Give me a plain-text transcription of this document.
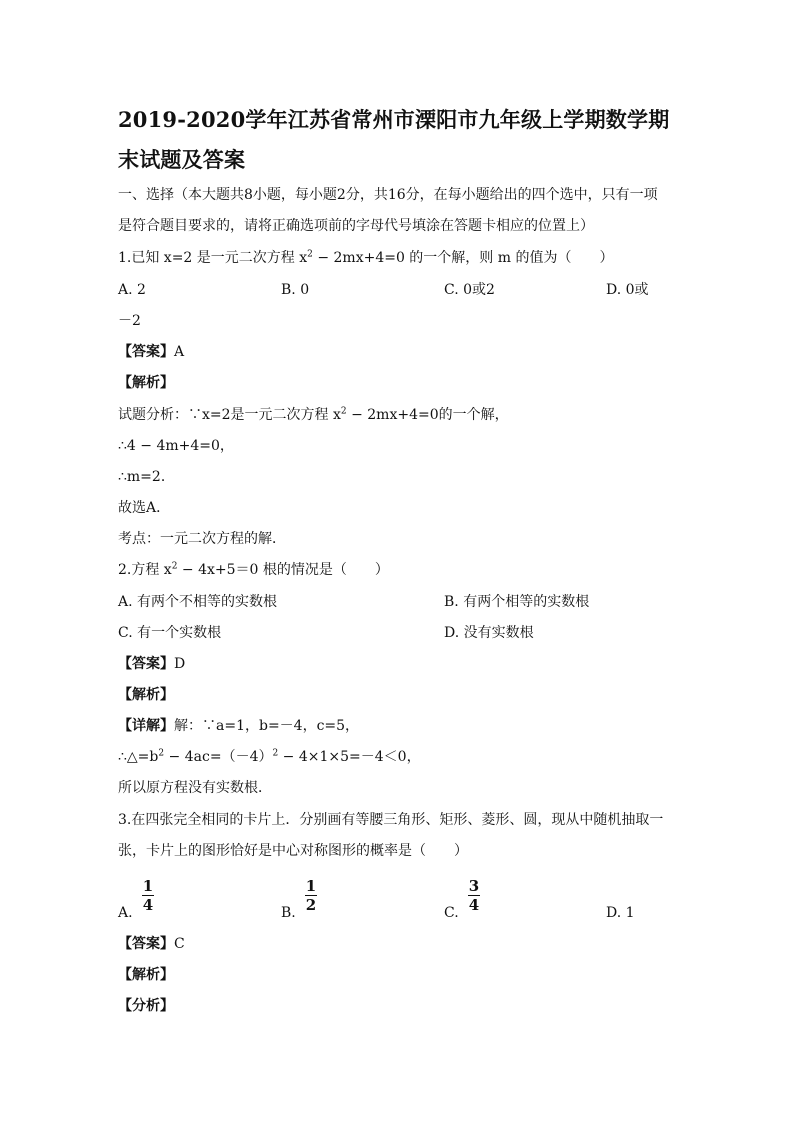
2019-2020学年江苏省常州市溧阳市九年级上学期数学期末试题及答案
一、选择（本大题共8小题，每小题2分，共16分，在每小题给出的四个选中，只有一项
是符合题目要求的，请将正确选项前的字母代号填涂在答题卡相应的位置上）
1.已知 x=2 是一元二次方程 $x^2 - 2mx+4=0$ 的一个解，则 m 的值为（　　）
A. 2	B. 0	C. 0或2	D. 0或
－2
【答案】A
【解析】
试题分析：∵x=2是一元二次方程 $x^2 - 2mx+4=0$的一个解，
∴4 − 4m+4=0，
∴m=2．
故选A．
考点：一元二次方程的解．
2.方程 $x^2 - 4x+5=0$ 根的情况是（　　）
A. 有两个不相等的实数根	B. 有两个相等的实数根
C. 有一个实数根	D. 没有实数根
【答案】D
【解析】
【详解】解：∵a=1，b=－4，c=5，
$\therefore\triangle=b^2 - 4ac=(-4)^2 - 4\times 1\times 5=-4<0$，
所以原方程没有实数根．
3.在四张完全相同的卡片上．分别画有等腰三角形、矩形、菱形、圆，现从中随机抽取一
张，卡片上的图形恰好是中心对称图形的概率是（　　）
A.
1
4	B.
1
2	C.
3
4	D. 1
【答案】C
【解析】
【分析】
